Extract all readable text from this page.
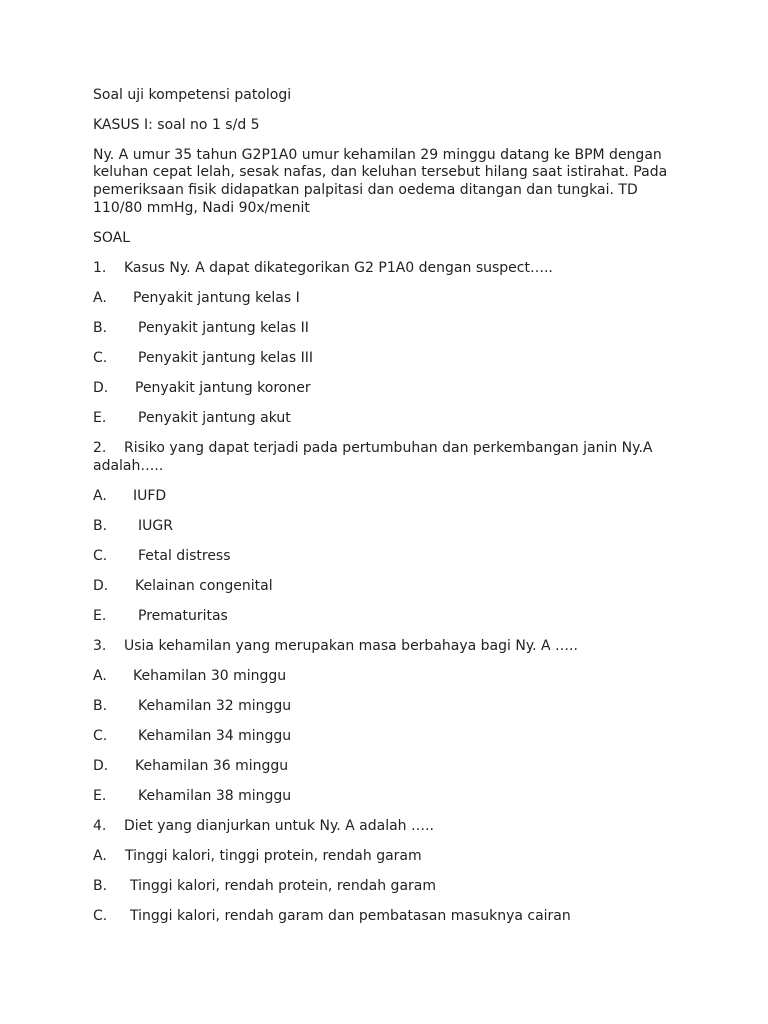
Soal uji kompetensi patologi
KASUS I: soal no 1 s/d 5
Ny. A umur 35 tahun G2P1A0 umur kehamilan 29 minggu datang ke BPM dengan
keluhan cepat lelah, sesak nafas, dan keluhan tersebut hilang saat istirahat. Pada
pemeriksaan fisik didapatkan palpitasi dan oedema ditangan dan tungkai. TD
110/80 mmHg, Nadi 90x/menit
SOAL
1. Kasus Ny. A dapat dikategorikan G2 P1A0 dengan suspect…..
A. Penyakit jantung kelas I
B. Penyakit jantung kelas II
C. Penyakit jantung kelas III
D. Penyakit jantung koroner
E. Penyakit jantung akut
2. Risiko yang dapat terjadi pada pertumbuhan dan perkembangan janin Ny.A
adalah…..
A. IUFD
B. IUGR
C. Fetal distress
D. Kelainan congenital
E. Prematuritas
3. Usia kehamilan yang merupakan masa berbahaya bagi Ny. A …..
A. Kehamilan 30 minggu
B. Kehamilan 32 minggu
C. Kehamilan 34 minggu
D. Kehamilan 36 minggu
E. Kehamilan 38 minggu
4. Diet yang dianjurkan untuk Ny. A adalah …..
A. Tinggi kalori, tinggi protein, rendah garam
B. Tinggi kalori, rendah protein, rendah garam
C. Tinggi kalori, rendah garam dan pembatasan masuknya cairan
